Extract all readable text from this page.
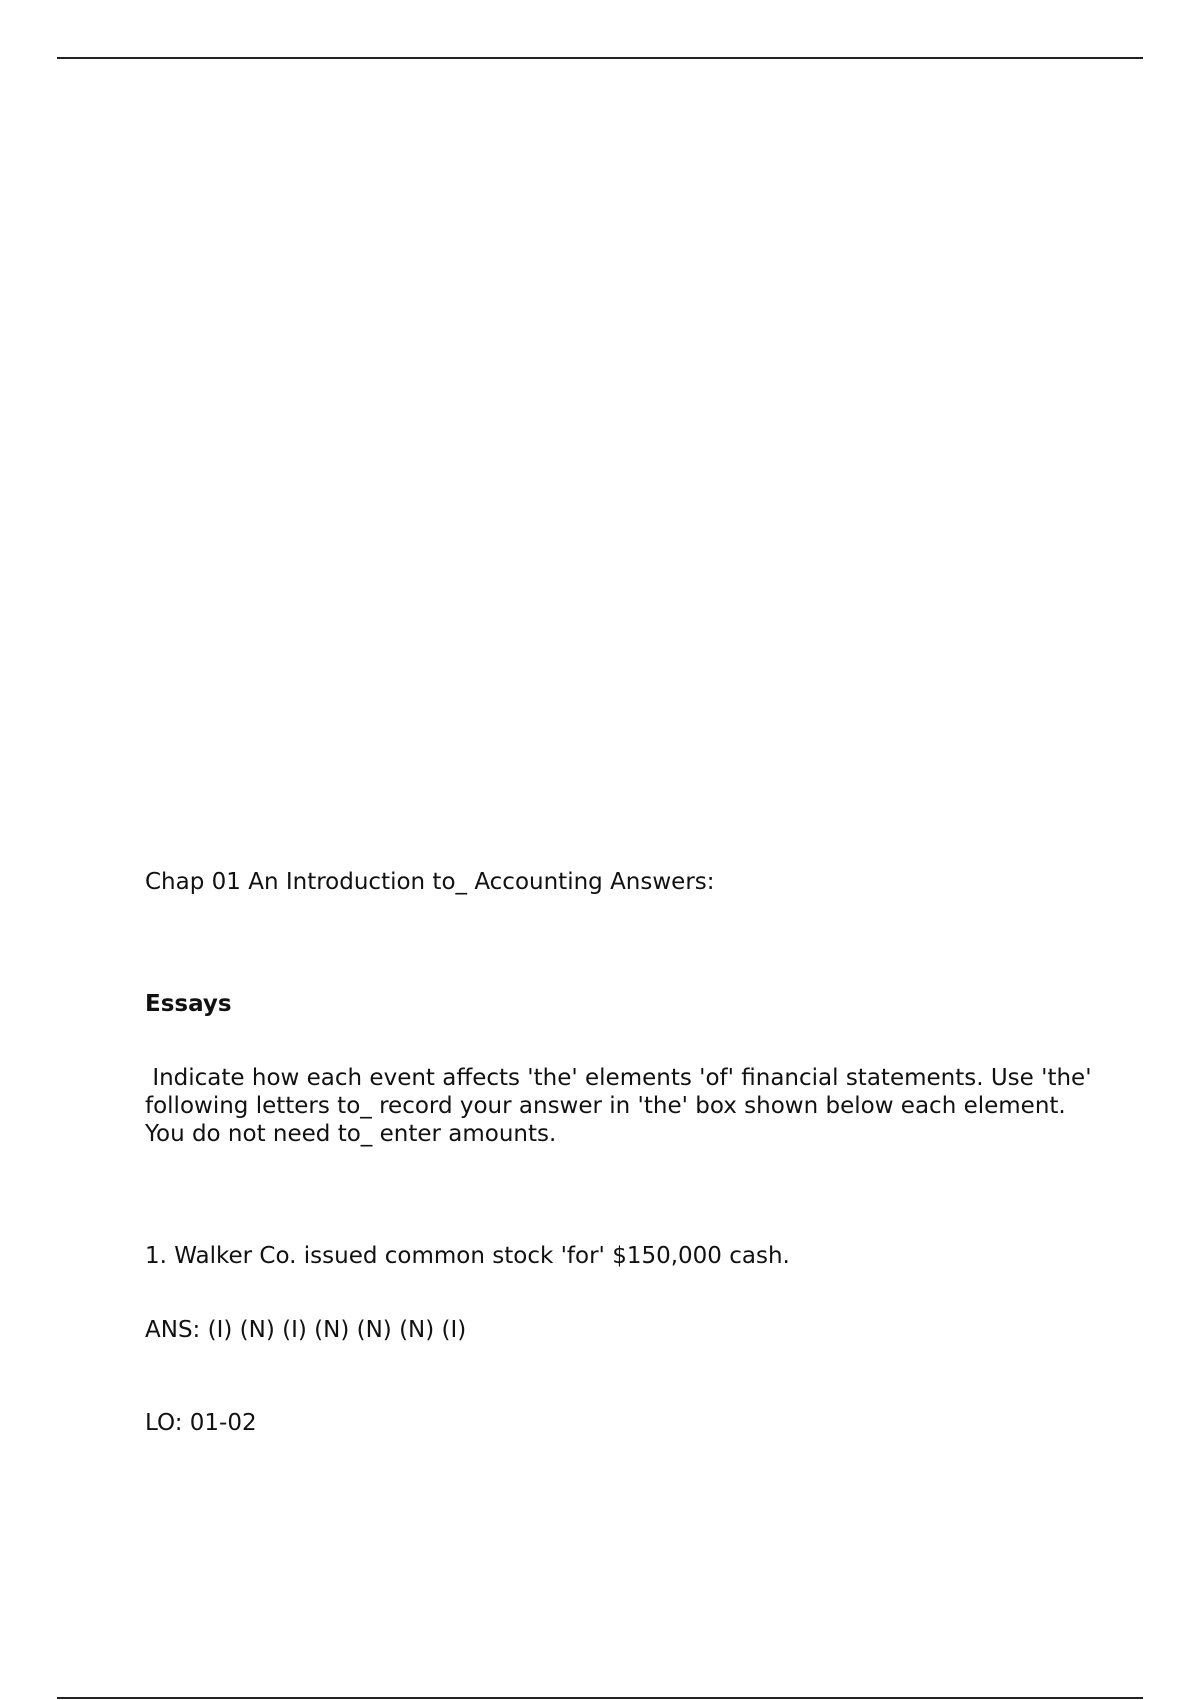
Chap 01 An Introduction to_ Accounting Answers:
Essays
Indicate how each event affects 'the' elements 'of' financial statements. Use 'the' following letters to_ record your answer in 'the' box shown below each element. You do not need to_ enter amounts.
1. Walker Co. issued common stock 'for' $150,000 cash.
ANS: (I) (N) (I) (N) (N) (N) (I)
LO: 01-02
